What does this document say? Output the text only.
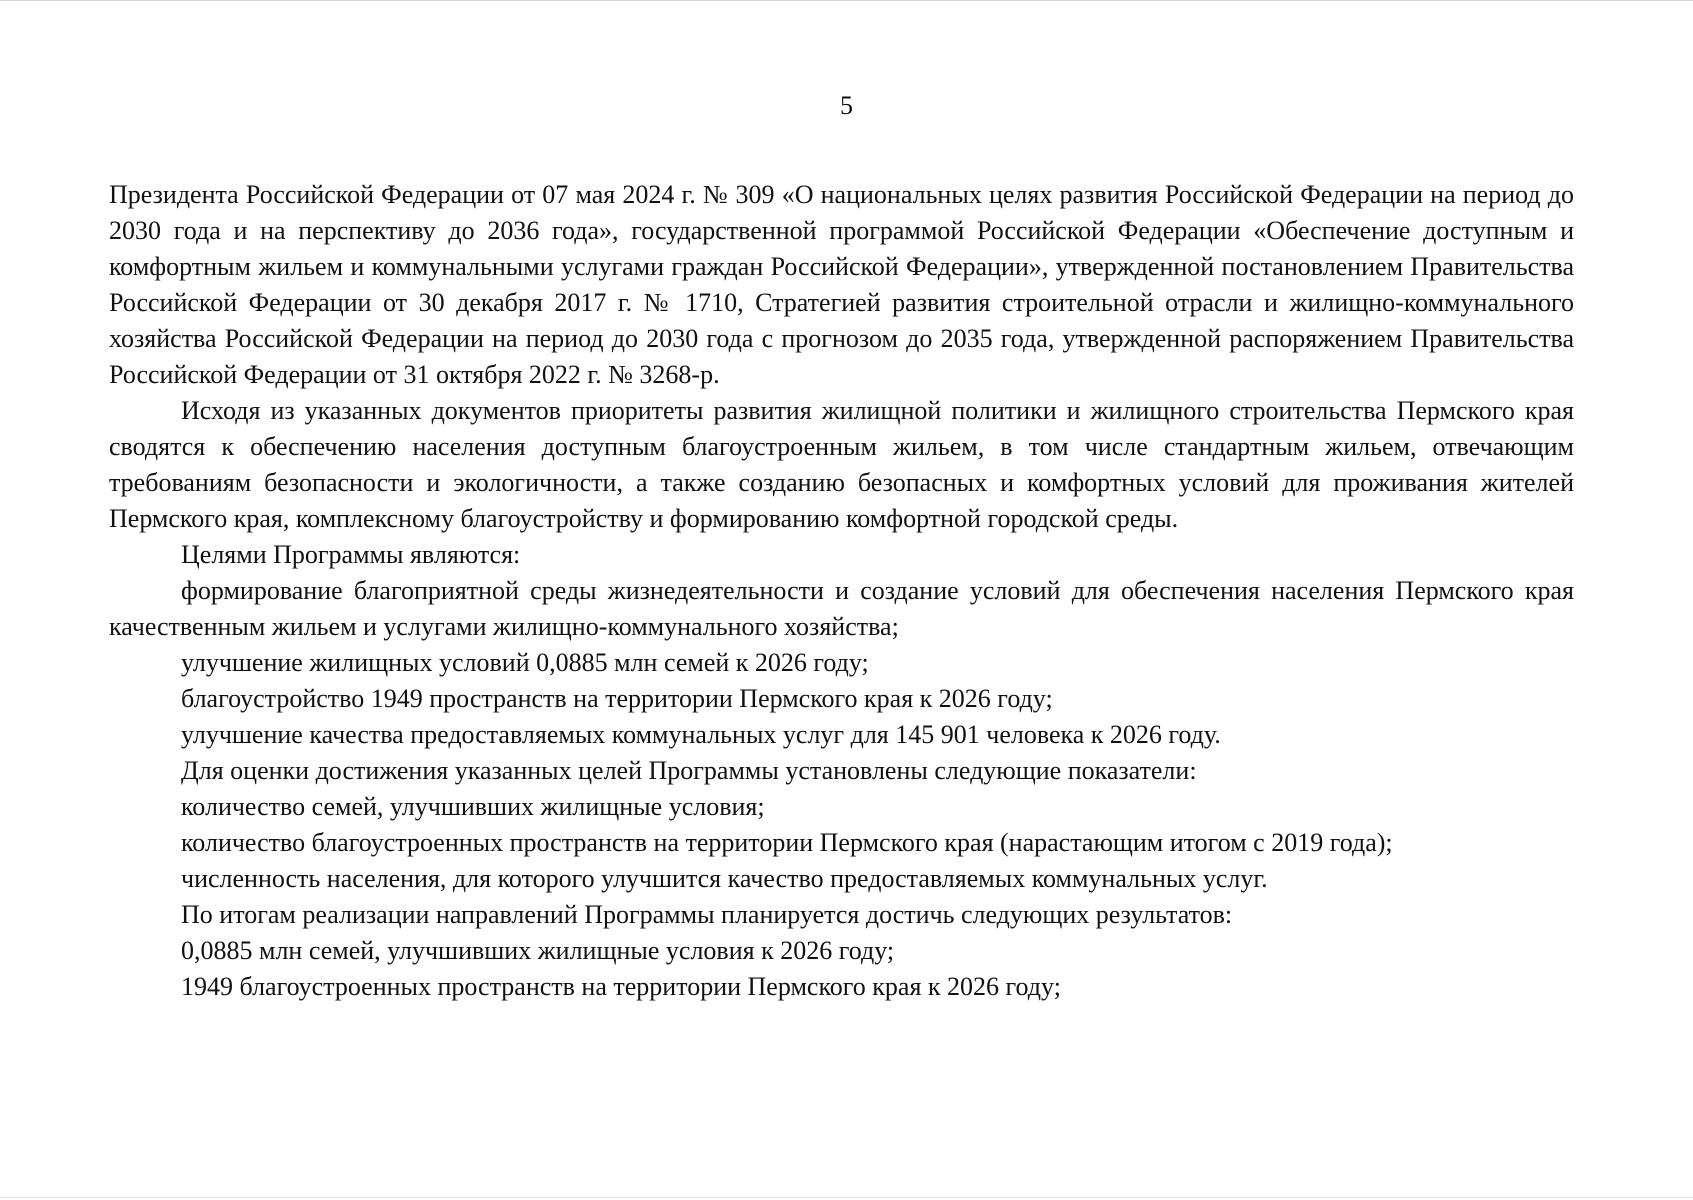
5

Президента Российской Федерации от 07 мая 2024 г. № 309 «О национальных целях развития Российской Федерации на период до 2030 года и на перспективу до 2036 года», государственной программой Российской Федерации «Обеспечение доступным и комфортным жильем и коммунальными услугами граждан Российской Федерации», утвержденной постановлением Правительства Российской Федерации от 30 декабря 2017 г. № 1710, Стратегией развития строительной отрасли и жилищно-коммунального хозяйства Российской Федерации на период до 2030 года с прогнозом до 2035 года, утвержденной распоряжением Правительства Российской Федерации от 31 октября 2022 г. № 3268-р.

Исходя из указанных документов приоритеты развития жилищной политики и жилищного строительства Пермского края сводятся к обеспечению населения доступным благоустроенным жильем, в том числе стандартным жильем, отвечающим требованиям безопасности и экологичности, а также созданию безопасных и комфортных условий для проживания жителей Пермского края, комплексному благоустройству и формированию комфортной городской среды.

Целями Программы являются:

формирование благоприятной среды жизнедеятельности и создание условий для обеспечения населения Пермского края качественным жильем и услугами жилищно-коммунального хозяйства;

улучшение жилищных условий 0,0885 млн семей к 2026 году;

благоустройство 1949 пространств на территории Пермского края к 2026 году;

улучшение качества предоставляемых коммунальных услуг для 145 901 человека к 2026 году.

Для оценки достижения указанных целей Программы установлены следующие показатели:

количество семей, улучшивших жилищные условия;

количество благоустроенных пространств на территории Пермского края (нарастающим итогом с 2019 года);

численность населения, для которого улучшится качество предоставляемых коммунальных услуг.

По итогам реализации направлений Программы планируется достичь следующих результатов:

0,0885 млн семей, улучшивших жилищные условия к 2026 году;

1949 благоустроенных пространств на территории Пермского края к 2026 году;
